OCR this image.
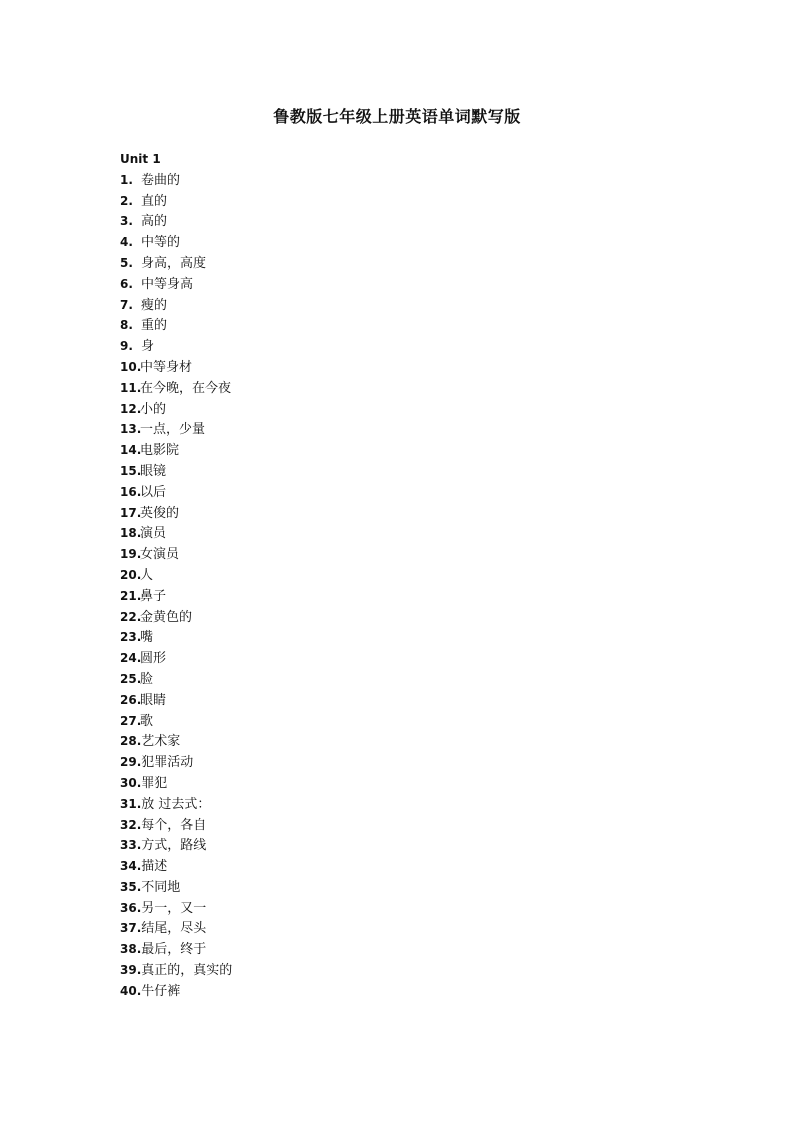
鲁教版七年级上册英语单词默写版
Unit 1
1. 卷曲的
2. 直的
3. 高的
4. 中等的
5. 身高，高度
6. 中等身高
7. 瘦的
8. 重的
9. 身
10.
中等身材
11.
在今晚，在今夜
12.
小的
13.
一点，少量
14.
电影院
15.
眼镜
16.
以后
17.
英俊的
18.
演员
19.
女演员
20.
人
21.
鼻子
22.
金黄色的
23.
嘴
24.
圆形
25.
脸
26.
眼睛
27.
歌
28. 艺术家
29. 犯罪活动
30. 罪犯
31. 放 过去式：
32. 每个，各自
33. 方式，路线
34. 描述
35. 不同地
36. 另一，又一
37. 结尾，尽头
38. 最后，终于
39. 真正的，真实的
40. 牛仔裤
